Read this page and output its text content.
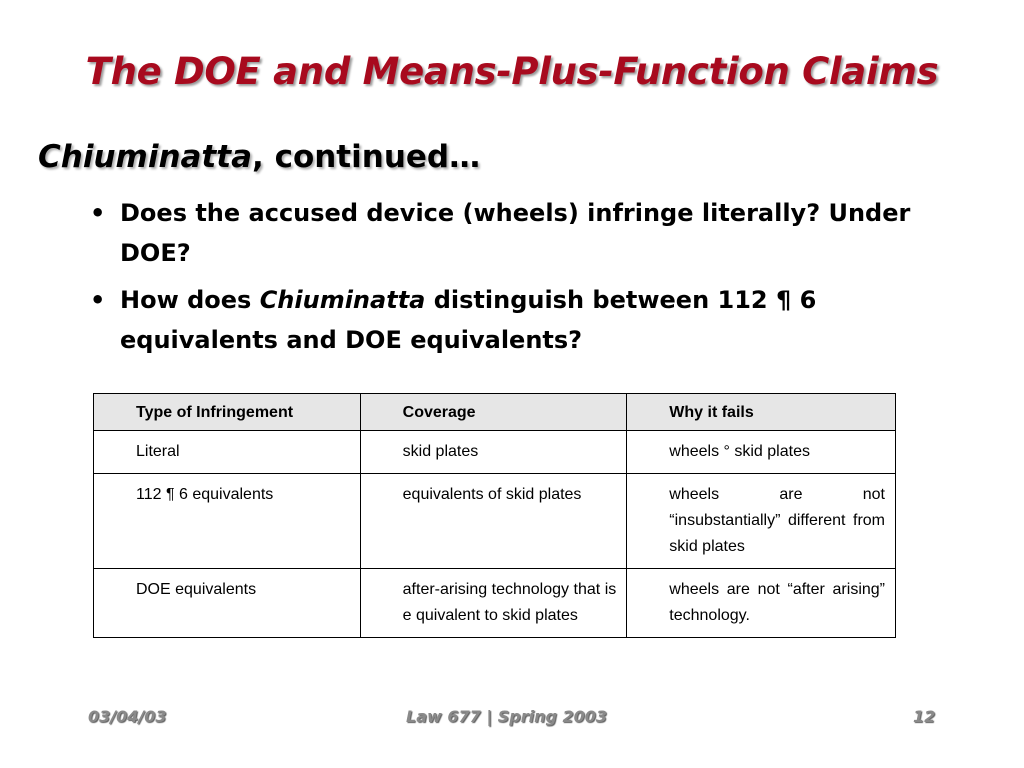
The DOE and Means-Plus-Function Claims

Chiuminatta, continued…

• Does the accused device (wheels) infringe literally? Under DOE?
• How does Chiuminatta distinguish between 112 ¶ 6 equivalents and DOE equivalents?
Type of Infringement	Coverage	Why it fails
Literal	skid plates	wheels ° skid plates
112 ¶ 6 equivalents	equivalents of skid plates	wheels are not “insubstantially” different from skid plates
DOE equivalents	after-arising technology that is e quivalent to skid plates	wheels are not “after arising” technology.
03/04/03	Law 677 | Spring 2003	12
